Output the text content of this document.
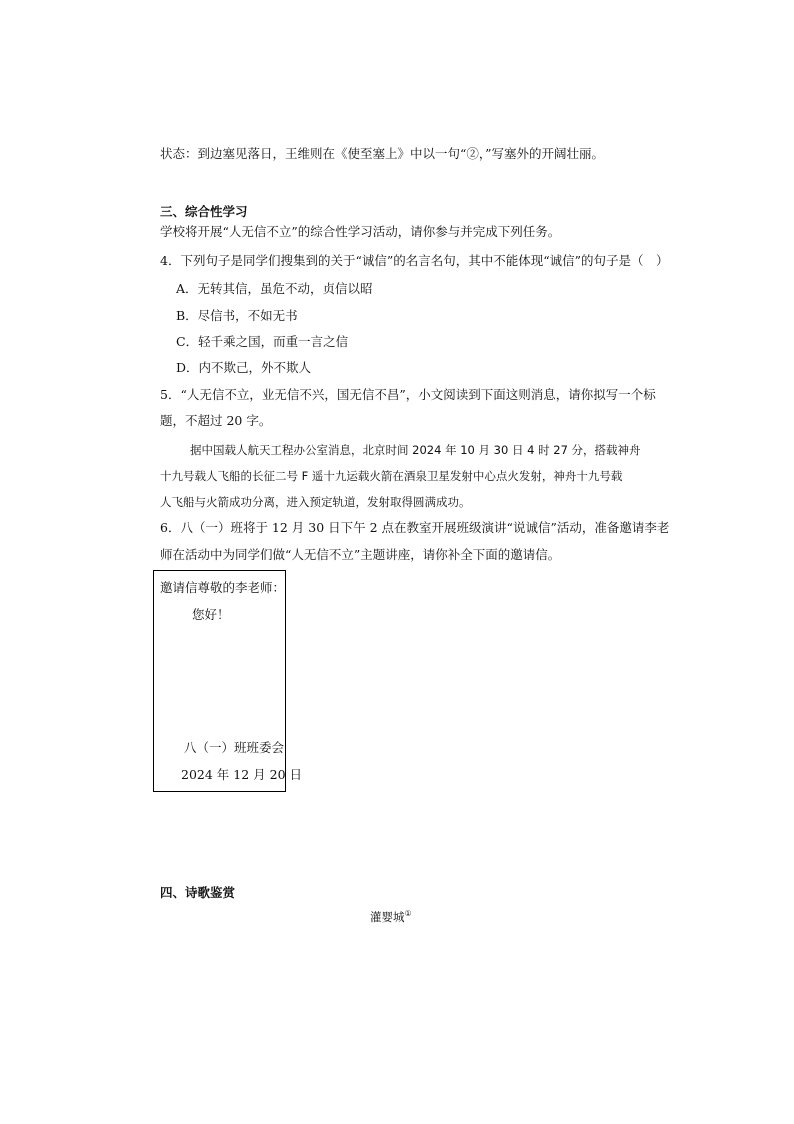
状态：到边塞见落日，王维则在《使至塞上》中以一句“②，”写塞外的开阔壮丽。
三、综合性学习
学校将开展“人无信不立”的综合性学习活动，请你参与并完成下列任务。
4．下列句子是同学们搜集到的关于“诚信”的名言名句，其中不能体现“诚信”的句子是（　）
A．无转其信，虽危不动，贞信以昭
B．尽信书，不如无书
C．轻千乘之国，而重一言之信
D．内不欺己，外不欺人
5．“人无信不立，业无信不兴，国无信不昌”，小文阅读到下面这则消息，请你拟写一个标
题，不超过 20 字。
据中国载人航天工程办公室消息，北京时间 2024 年 10 月 30 日 4 时 27 分，搭载神舟
十九号载人飞船的长征二号 F 遥十九运载火箭在酒泉卫星发射中心点火发射，神舟十九号载
人飞船与火箭成功分离，进入预定轨道，发射取得圆满成功。
6．八（一）班将于 12 月 30 日下午 2 点在教室开展班级演讲“说诚信”活动，准备邀请李老
师在活动中为同学们做“人无信不立”主题讲座，请你补全下面的邀请信。
邀请信尊敬的李老师：
您好！
八（一）班班委会
2024 年 12 月 20 日
四、诗歌鉴赏
灌婴城①
